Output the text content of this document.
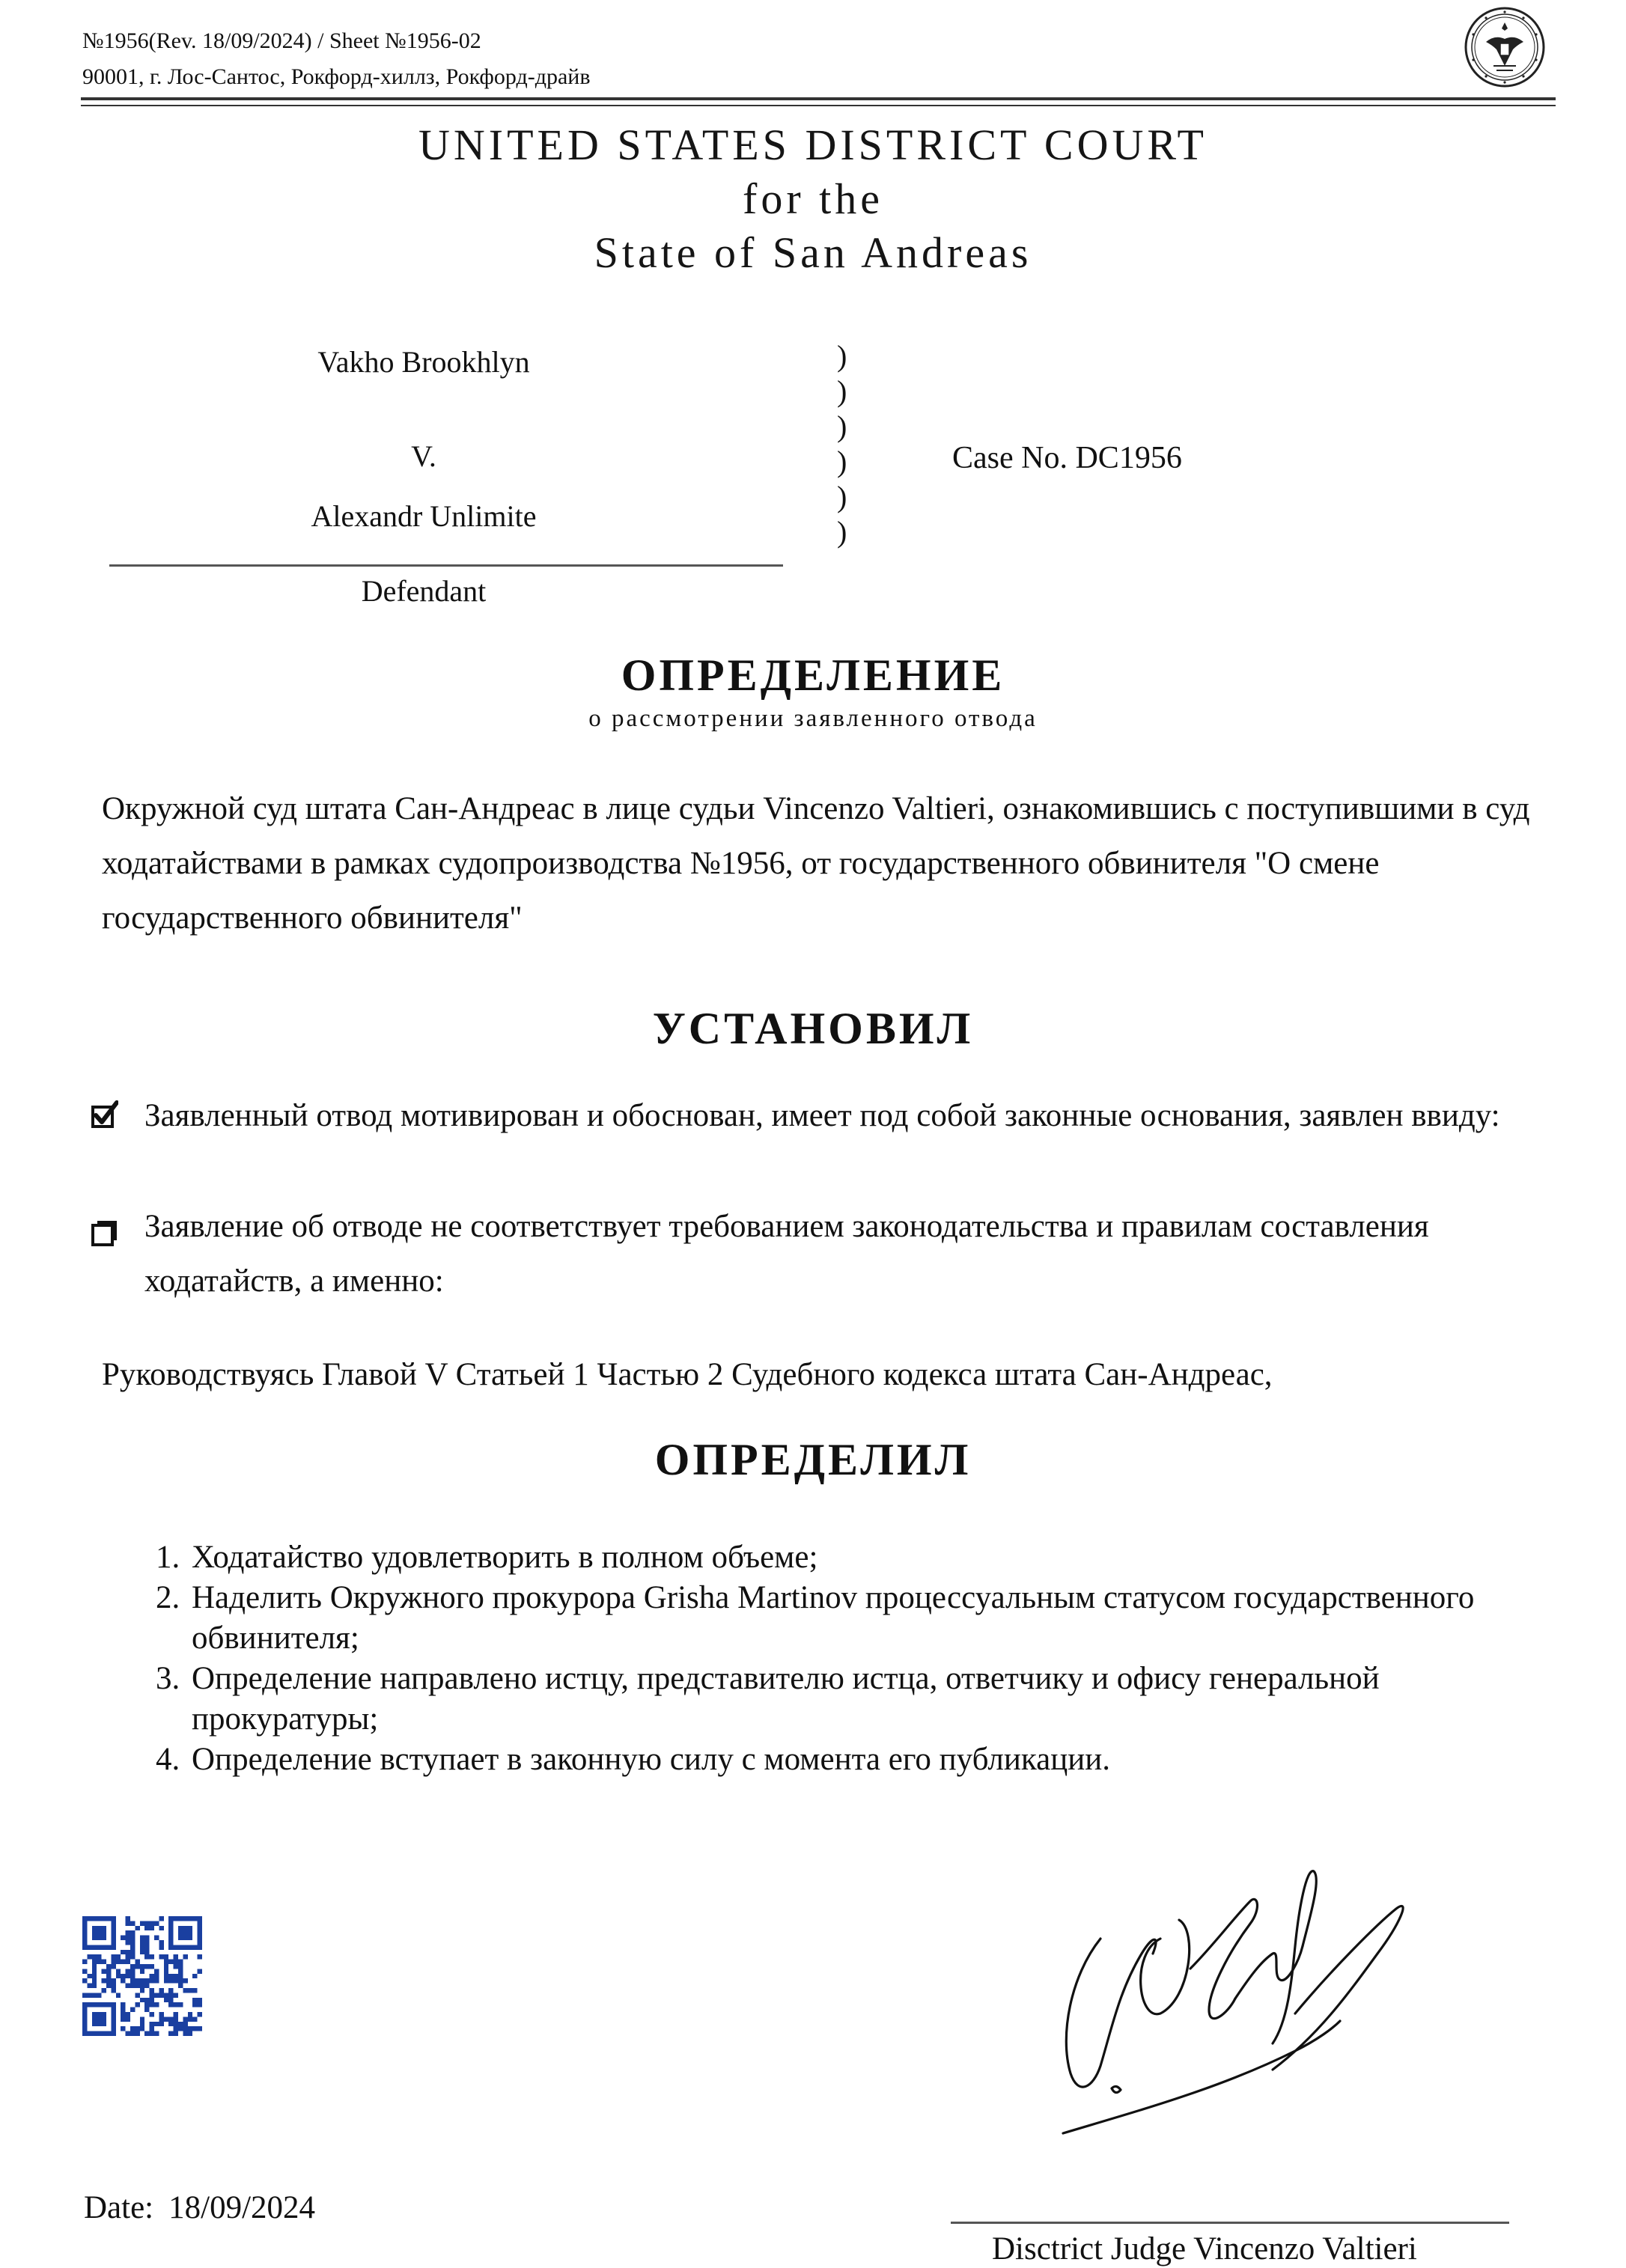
№1956(Rev. 18/09/2024) / Sheet №1956-02
90001, г. Лос-Сантос, Рокфорд-хиллз, Рокфорд-драйв
UNITED STATES DISTRICT COURT
for the
State of San Andreas
Vakho Brookhlyn
V.
Alexandr Unlimite
Defendant
)
)
)
)
)
)
Case No. DC1956
ОПРЕДЕЛЕНИЕ
о рассмотрении заявленного отвода
Окружной суд штата Сан-Андреас в лице судьи Vincenzo Valtieri, ознакомившись с поступившими в суд ходатайствами в рамках судопроизводства №1956, от государственного обвинителя "О смене государственного обвинителя"
УСТАНОВИЛ
Заявленный отвод мотивирован и обоснован, имеет под собой законные основания, заявлен ввиду:
Заявление об отводе не соответствует требованием законодательства и правилам составления ходатайств, а именно:
Руководствуясь Главой V Статьей 1 Частью 2 Судебного кодекса штата Сан-Андреас,
ОПРЕДЕЛИЛ
1. Ходатайство удовлетворить в полном объеме;
2. Наделить Окружного прокурора Grisha Martinov процессуальным статусом государственного обвинителя;
3. Определение направлено истцу, представителю истца, ответчику и офису генеральной прокуратуры;
4. Определение вступает в законную силу с момента его публикации.
Date: 18/09/2024
Disctrict Judge Vincenzo Valtieri
